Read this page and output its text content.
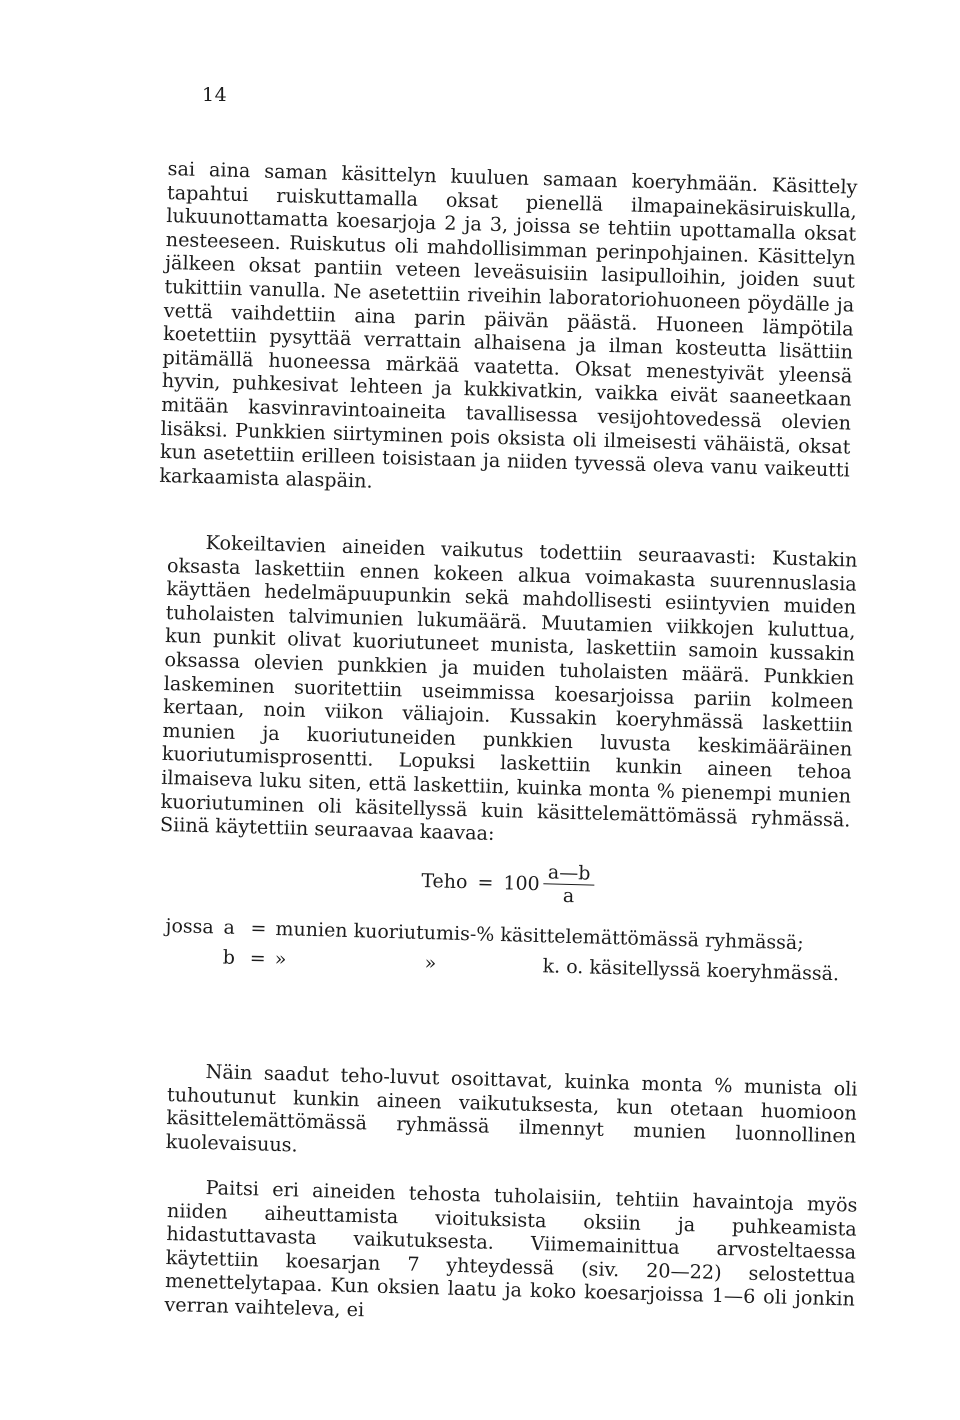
14

sai aina saman käsittelyn kuuluen samaan koeryhmään. Käsittely tapahtui ruiskuttamalla oksat pienellä ilmapainekäsiruiskulla, lukuunottamatta koesarjoja 2 ja 3, joissa se tehtiin upottamalla oksat nesteeseen. Ruiskutus oli mahdollisimman perinpohjainen. Käsittelyn jälkeen oksat pantiin veteen leveäsuisiin lasipulloihin, joiden suut tukittiin vanulla. Ne asetettiin riveihin laboratoriohuoneen pöydälle ja vettä vaihdettiin aina parin päivän päästä. Huoneen lämpötila koetettiin pysyttää verrattain alhaisena ja ilman kosteutta lisättiin pitämällä huoneessa märkää vaatetta. Oksat menestyivät yleensä hyvin, puhkesivat lehteen ja kukkivatkin, vaikka eivät saaneetkaan mitään kasvinravintoaineita tavallisessa vesijohtovedessä olevien lisäksi. Punkkien siirtyminen pois oksista oli ilmeisesti vähäistä, oksat kun asetettiin erilleen toisistaan ja niiden tyvessä oleva vanu vaikeutti karkaamista alaspäin.

Kokeiltavien aineiden vaikutus todettiin seuraavasti: Kustakin oksasta laskettiin ennen kokeen alkua voimakasta suurennuslasia käyttäen hedelmäpuupunkin sekä mahdollisesti esiintyvien muiden tuholaisten talvimunien lukumäärä. Muutamien viikkojen kuluttua, kun punkit olivat kuoriutuneet munista, laskettiin samoin kussakin oksassa olevien punkkien ja muiden tuholaisten määrä. Punkkien laskeminen suoritettiin useimmissa koesarjoissa pariin kolmeen kertaan, noin viikon väliajoin. Kussakin koeryhmässä laskettiin munien ja kuoriutuneiden punkkien luvusta keskimääräinen kuoriutumisprosentti. Lopuksi laskettiin kunkin aineen tehoa ilmaiseva luku siten, että laskettiin, kuinka monta % pienempi munien kuoriutuminen oli käsitellyssä kuin käsittelemättömässä ryhmässä. Siinä käytettiin seuraavaa kaavaa:

Teho = $100 \frac{a—b}{a}$
jossa a = munien kuoriutumis-% käsittelemättömässä ryhmässä;
b = »	»	k. o. käsitellyssä koeryhmässä.

Näin saadut teho-luvut osoittavat, kuinka monta % munista oli tuhoutunut kunkin aineen vaikutuksesta, kun otetaan huomioon käsittelemättömässä ryhmässä ilmennyt munien luonnollinen kuolevaisuus.

Paitsi eri aineiden tehosta tuholaisiin, tehtiin havaintoja myös niiden aiheuttamista vioituksista oksiin ja puhkeamista hidastuttavasta vaikutuksesta. Viimemainittua arvosteltaessa käytettiin koesarjan 7 yhteydessä (siv. 20—22) selostettua menettelytapaa. Kun oksien laatu ja koko koesarjoissa 1—6 oli jonkin verran vaihteleva, ei
